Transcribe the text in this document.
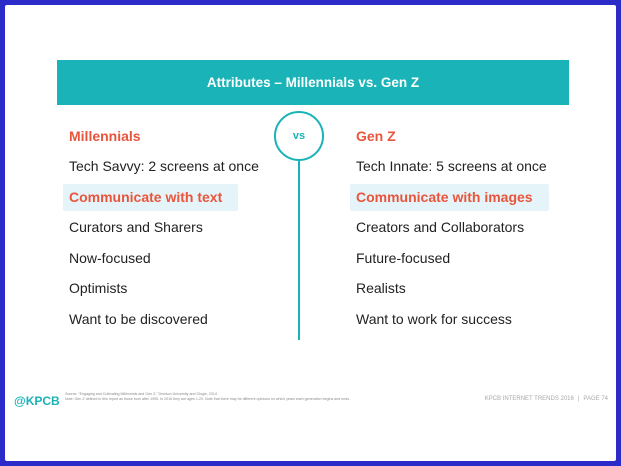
Attributes – Millennials vs. Gen Z
vs
Millennials
Tech Savvy: 2 screens at once
Communicate with text
Curators and Sharers
Now-focused
Optimists
Want to be discovered
Gen Z
Tech Innate: 5 screens at once
Communicate with images
Creators and Collaborators
Future-focused
Realists
Want to work for success
@KPCB Source: “Engaging and Cultivating Millennials and Gen Z,” Denison University and Ologie, 2014.
Note: Gen Z defined in this report as those born after 1995. In 2016 they are ages 1-20. Note that there may be different opinions on which years each generation begins and ends.	KPCB INTERNET TRENDS 2016 | PAGE 74
